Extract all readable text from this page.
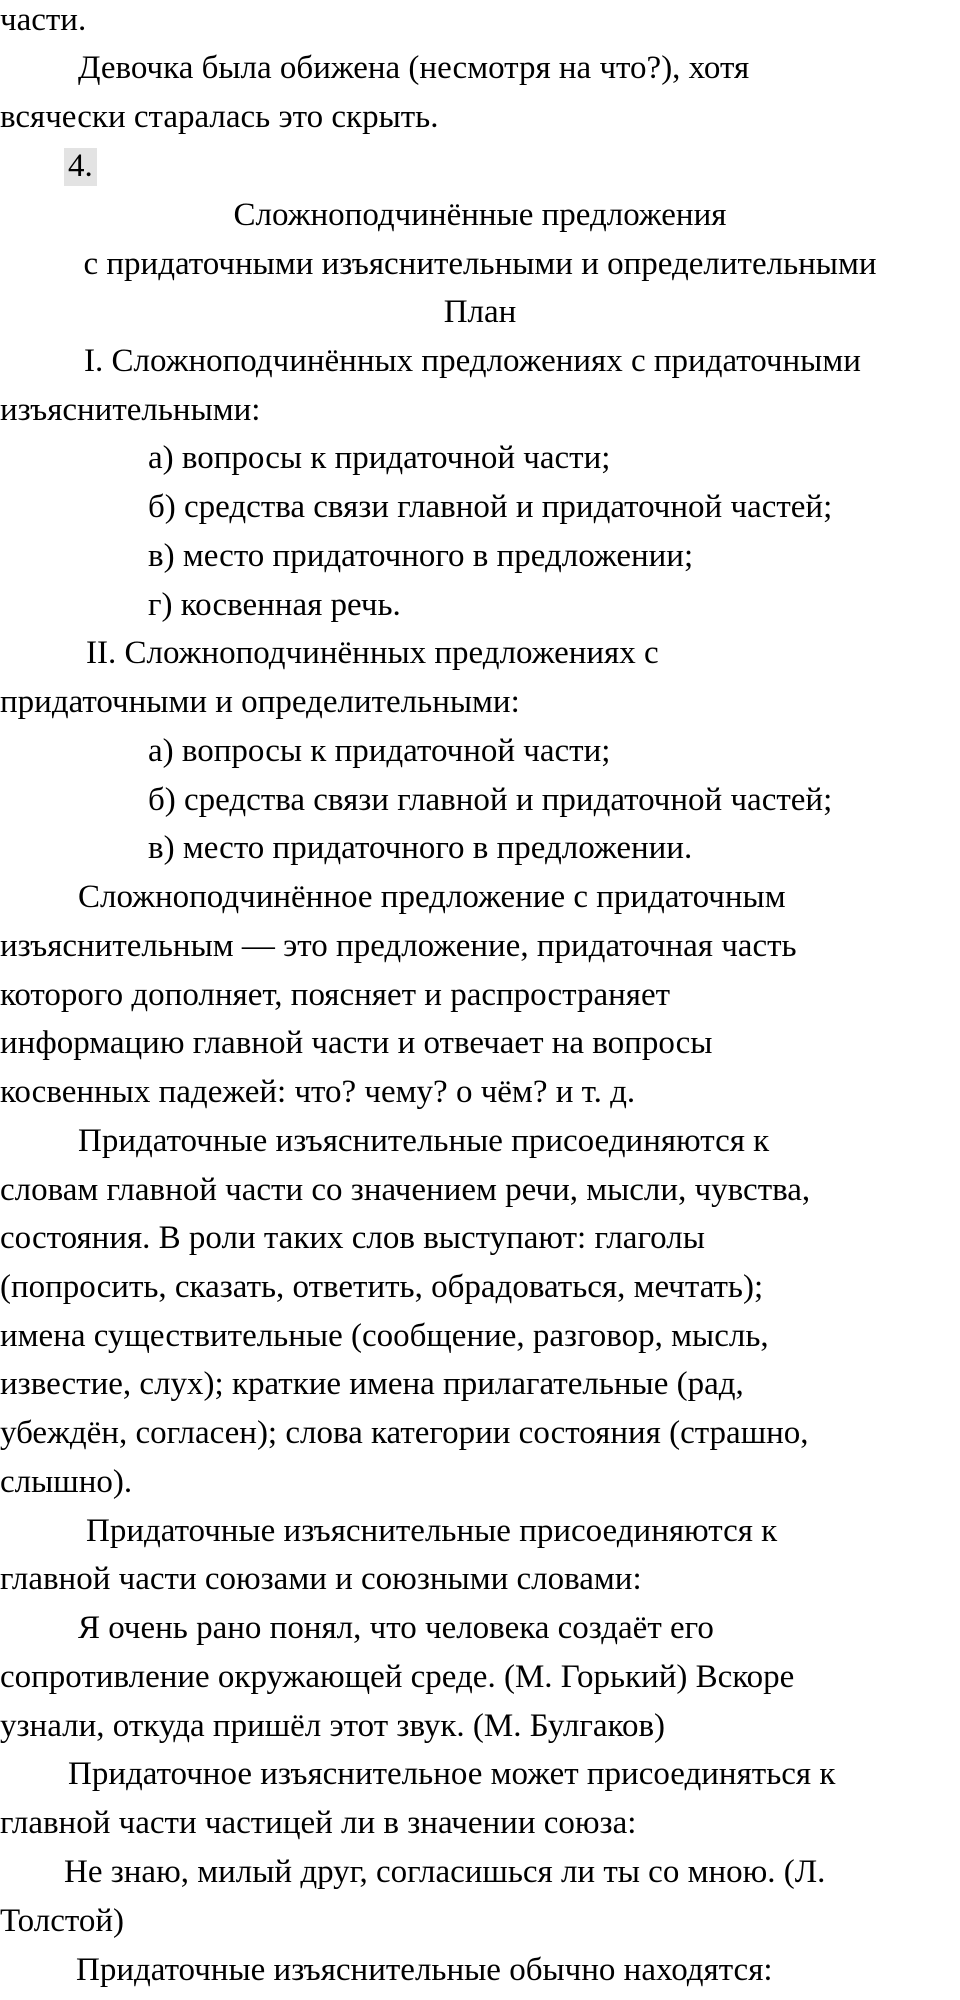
части.
Девочка была обижена (несмотря на что?), хотя
всячески старалась это скрыть.
4.
Сложноподчинённые предложения
с придаточными изъяснительными и определительными
План
I. Сложноподчинённых предложениях с придаточными
изъяснительными:
а) вопросы к придаточной части;
б) средства связи главной и придаточной частей;
в) место придаточного в предложении;
г) косвенная речь.
II. Сложноподчинённых предложениях с
придаточными и определительными:
а) вопросы к придаточной части;
б) средства связи главной и придаточной частей;
в) место придаточного в предложении.
Сложноподчинённое предложение с придаточным
изъяснительным — это предложение, придаточная часть
которого дополняет, поясняет и распространяет
информацию главной части и отвечает на вопросы
косвенных падежей: что? чему? о чём? и т. д.
Придаточные изъяснительные присоединяются к
словам главной части со значением речи, мысли, чувства,
состояния. В роли таких слов выступают: глаголы
(попросить, сказать, ответить, обрадоваться, мечтать);
имена существительные (сообщение, разговор, мысль,
известие, слух); краткие имена прилагательные (рад,
убеждён, согласен); слова категории состояния (страшно,
слышно).
Придаточные изъяснительные присоединяются к
главной части союзами и союзными словами:
Я очень рано понял, что человека создаёт его
сопротивление окружающей среде. (М. Горький) Вскоре
узнали, откуда пришёл этот звук. (М. Булгаков)
Придаточное изъяснительное может присоединяться к
главной части частицей ли в значении союза:
Не знаю, милый друг, согласишься ли ты со мною. (Л.
Толстой)
Придаточные изъяснительные обычно находятся:
